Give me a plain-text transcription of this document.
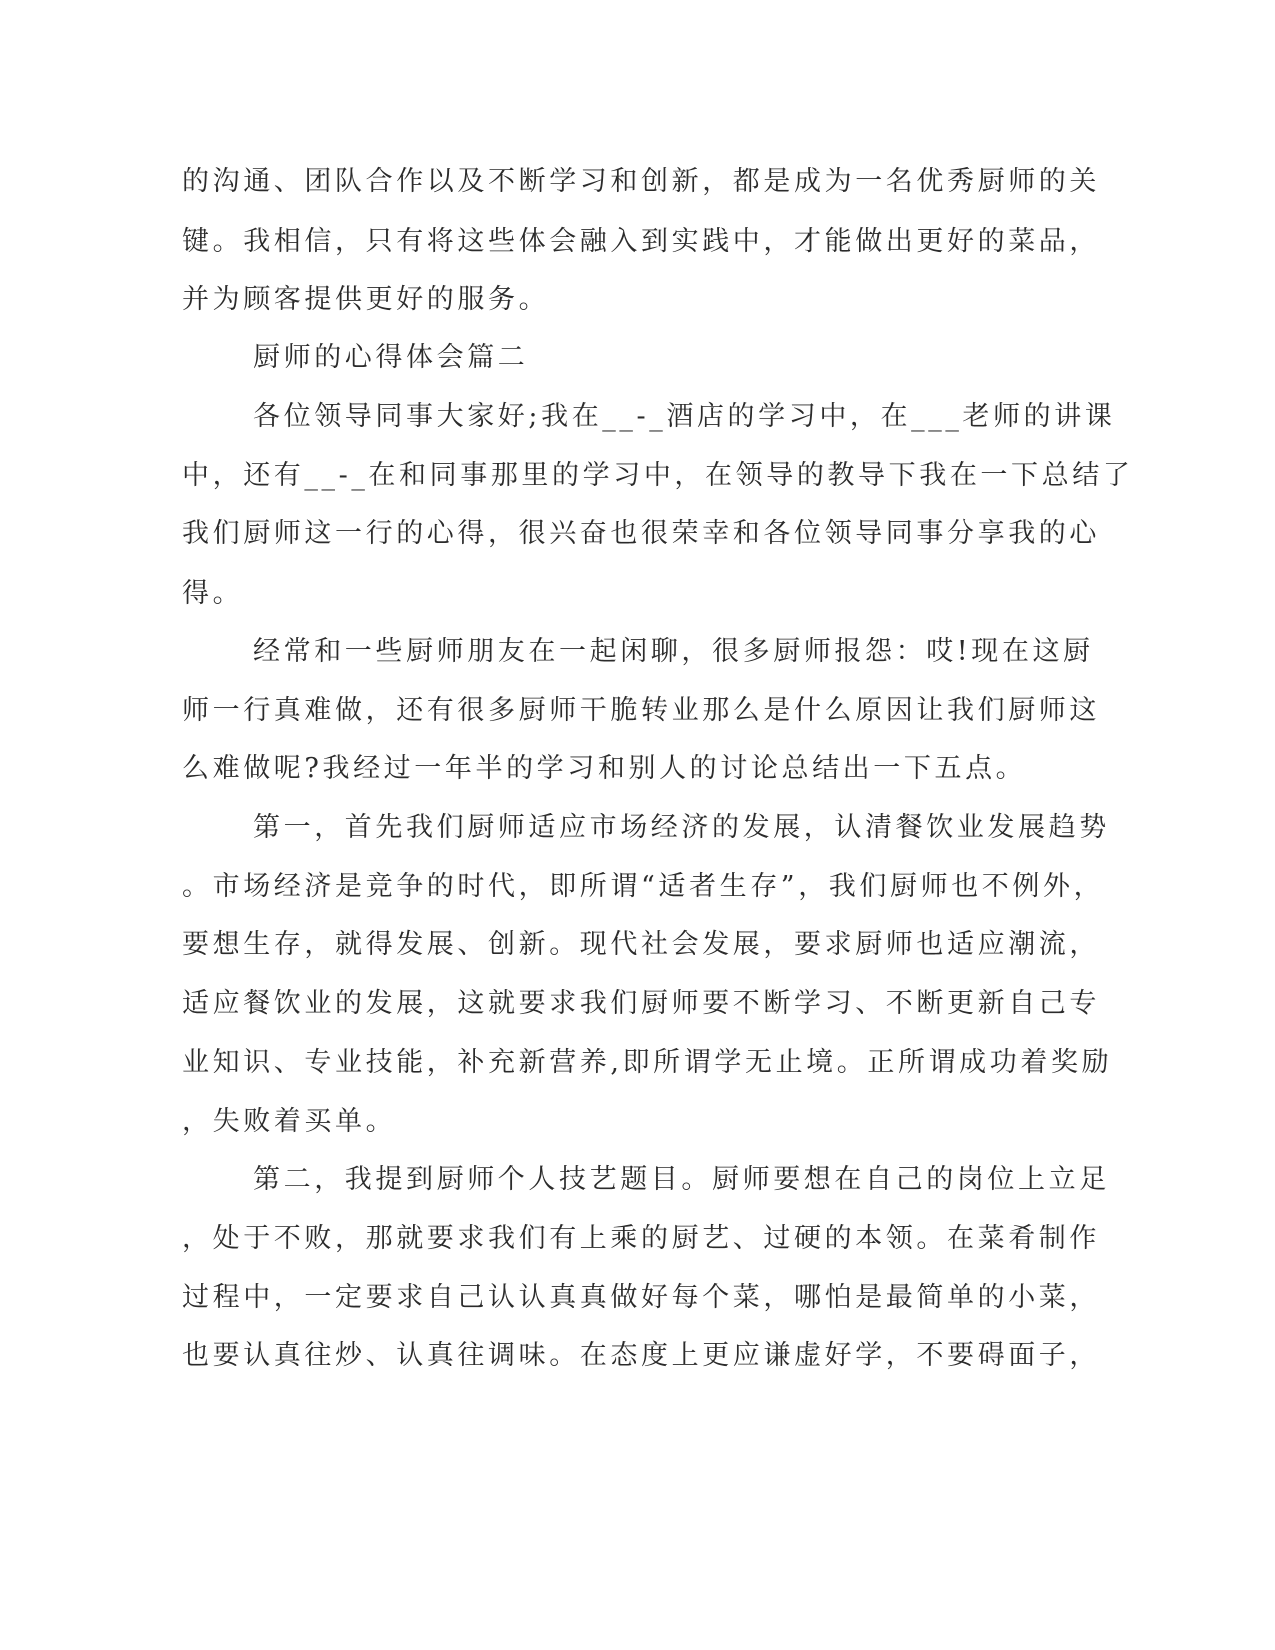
的沟通、团队合作以及不断学习和创新，都是成为一名优秀厨师的关

键。我相信，只有将这些体会融入到实践中，才能做出更好的菜品，

并为顾客提供更好的服务。

厨师的心得体会篇二

各位领导同事大家好;我在__-_酒店的学习中，在___老师的讲课

中，还有__-_在和同事那里的学习中，在领导的教导下我在一下总结了

我们厨师这一行的心得，很兴奋也很荣幸和各位领导同事分享我的心

得。

经常和一些厨师朋友在一起闲聊，很多厨师报怨：哎!现在这厨

师一行真难做，还有很多厨师干脆转业那么是什么原因让我们厨师这

么难做呢?我经过一年半的学习和别人的讨论总结出一下五点。

第一，首先我们厨师适应市场经济的发展，认清餐饮业发展趋势

。市场经济是竞争的时代，即所谓“适者生存”，我们厨师也不例外，

要想生存，就得发展、创新。现代社会发展，要求厨师也适应潮流，

适应餐饮业的发展，这就要求我们厨师要不断学习、不断更新自己专

业知识、专业技能，补充新营养,即所谓学无止境。正所谓成功着奖励

，失败着买单。

第二，我提到厨师个人技艺题目。厨师要想在自己的岗位上立足

，处于不败，那就要求我们有上乘的厨艺、过硬的本领。在菜肴制作

过程中，一定要求自己认认真真做好每个菜，哪怕是最简单的小菜，

也要认真往炒、认真往调味。在态度上更应谦虚好学，不要碍面子，
